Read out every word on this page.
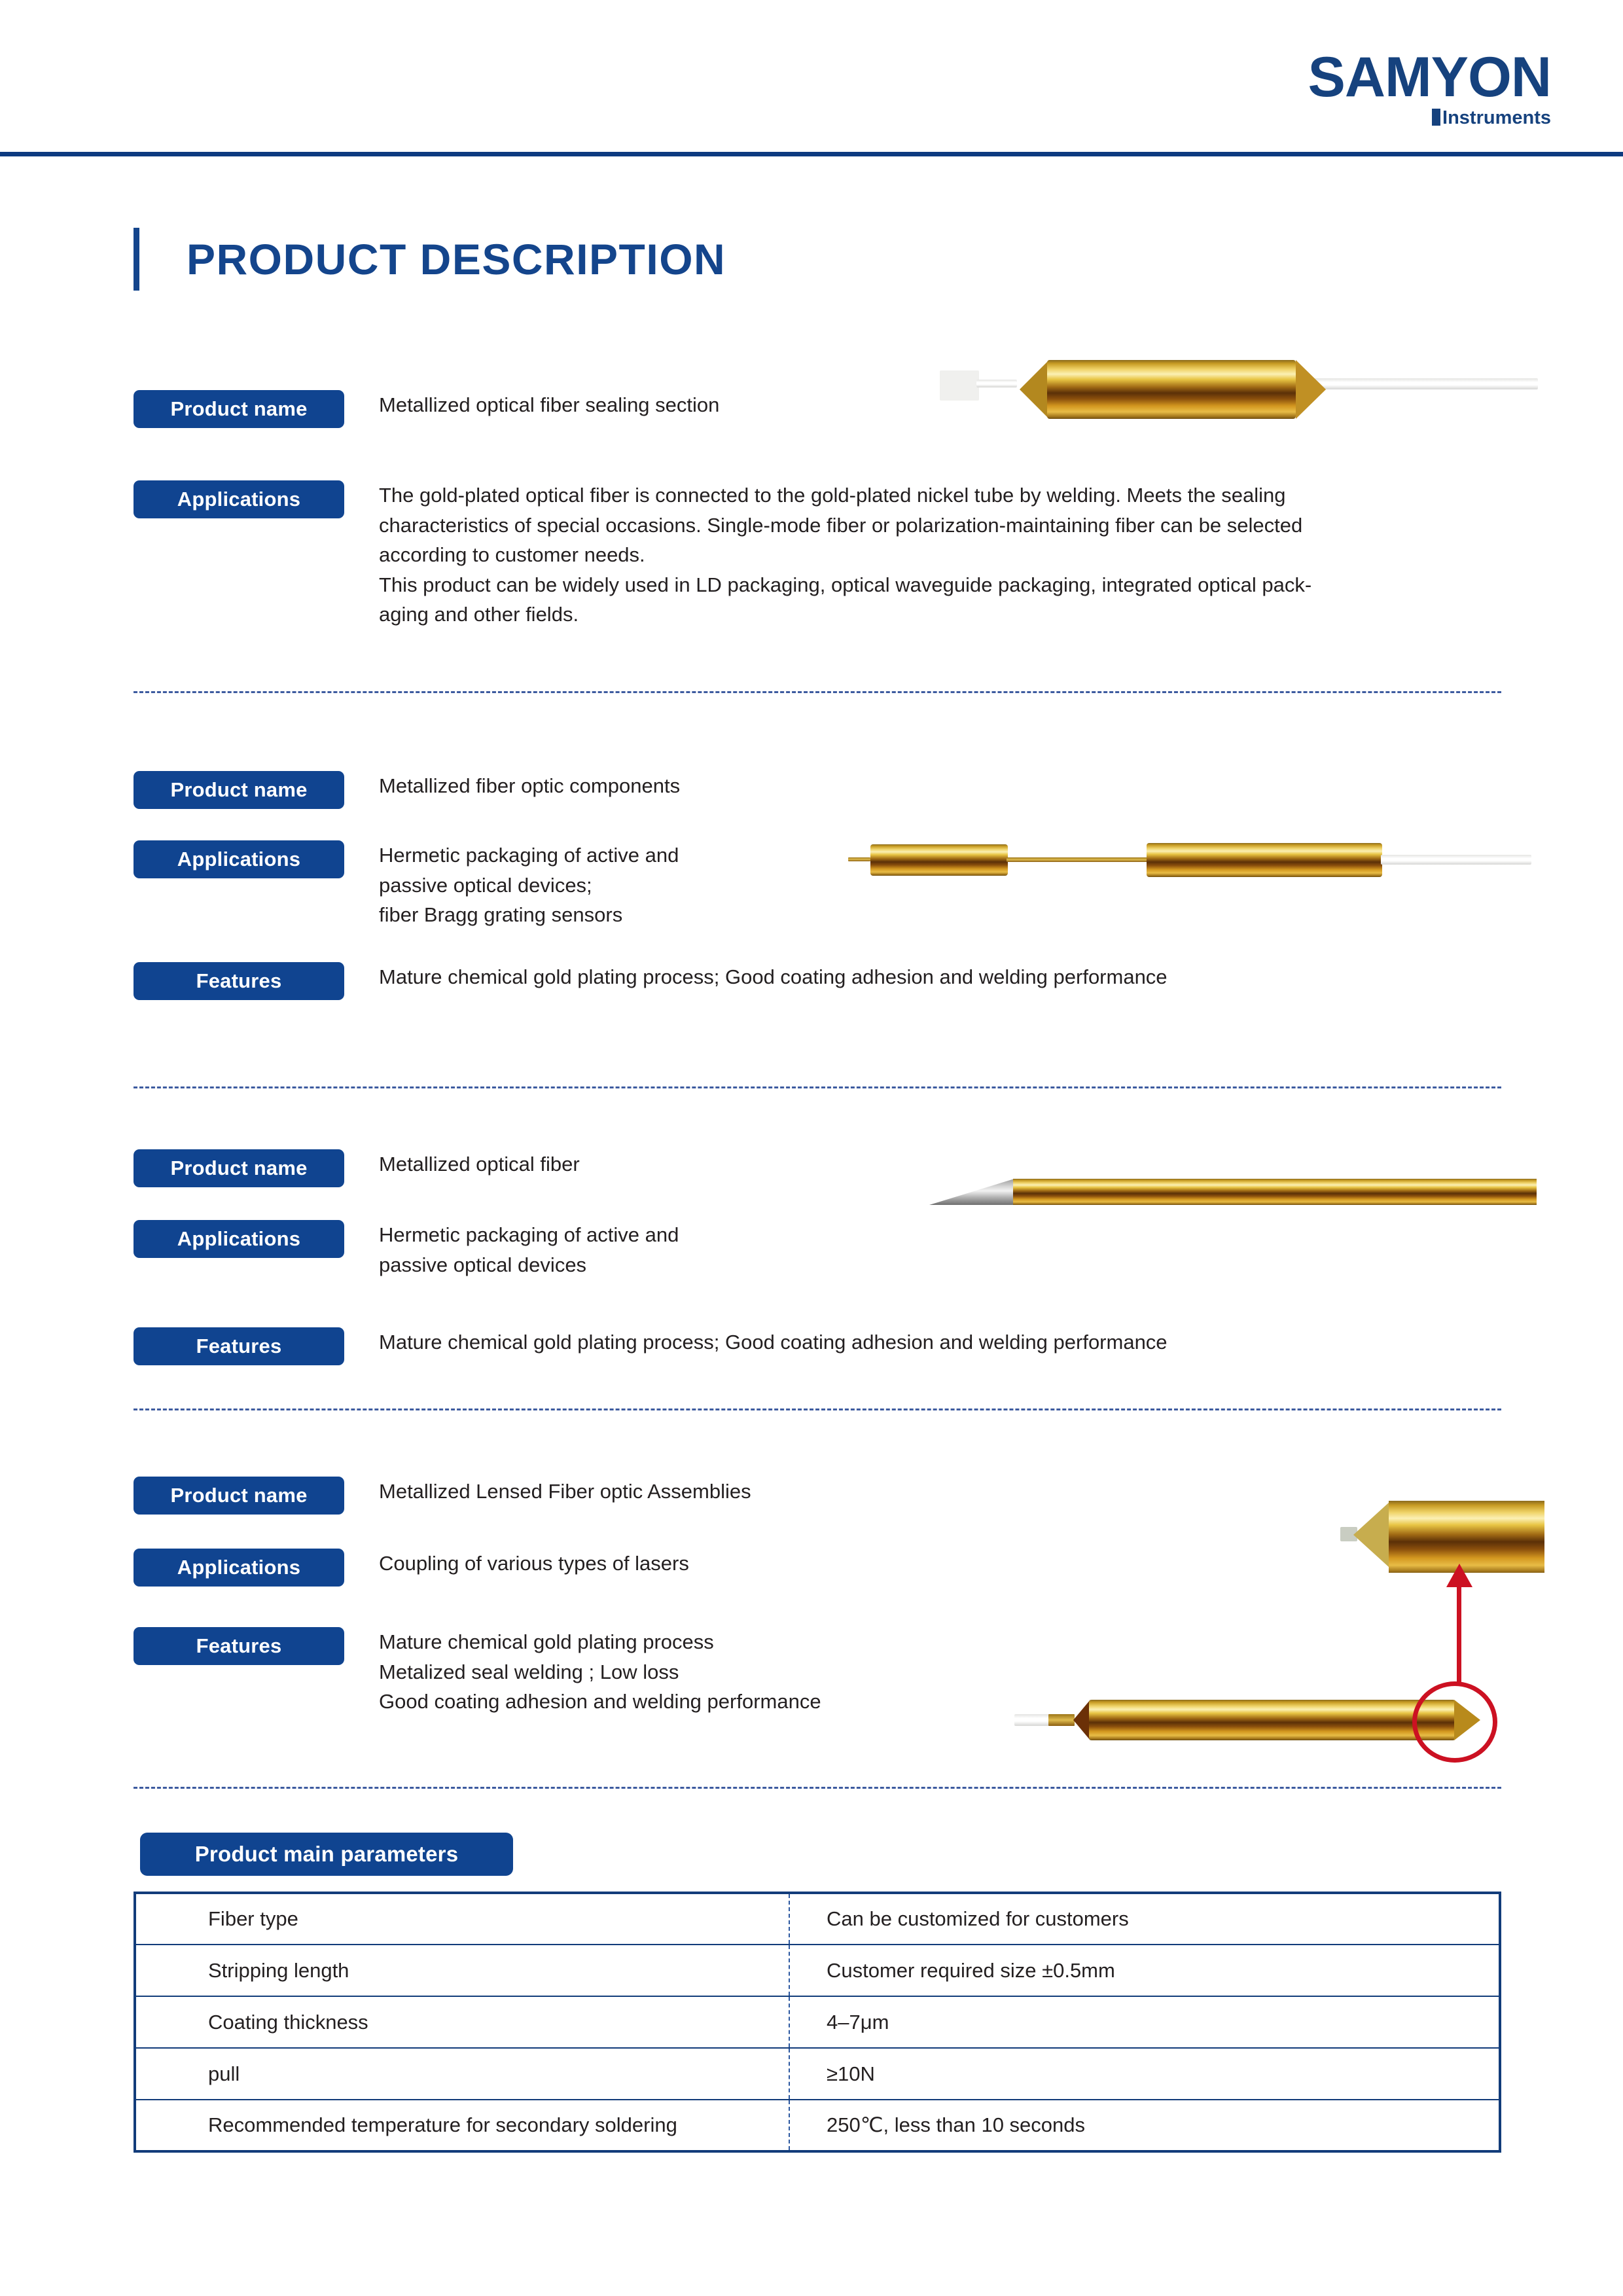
SAMYON
Instruments
PRODUCT DESCRIPTION
Product name	Metallized optical fiber sealing section
Applications	The gold-plated optical fiber is connected to the gold-plated nickel tube by welding. Meets the sealing

characteristics of special occasions. Single-mode fiber or polarization-maintaining fiber can be selected

according to customer needs.

This product can be widely used in LD packaging, optical waveguide packaging, integrated optical pack-

aging and other fields.

Product name	Metallized fiber optic components
Applications	Hermetic packaging of active and

passive optical devices;

fiber Bragg grating sensors

Features	Mature chemical gold plating process; Good coating adhesion and welding performance
Product name	Metallized optical fiber
Applications	Hermetic packaging of active and

passive optical devices

Features	Mature chemical gold plating process; Good coating adhesion and welding performance
Product name	Metallized Lensed Fiber optic Assemblies
Applications	Coupling of various types of lasers
Features	Mature chemical gold plating process

Metalized seal welding ; Low loss

Good coating adhesion and welding performance

Product main parameters
Fiber type	Can be customized for customers
Stripping length	Customer required size ±0.5mm
Coating thickness	4–7μm
pull	≥10N
Recommended temperature for secondary soldering	250℃, less than 10 seconds
